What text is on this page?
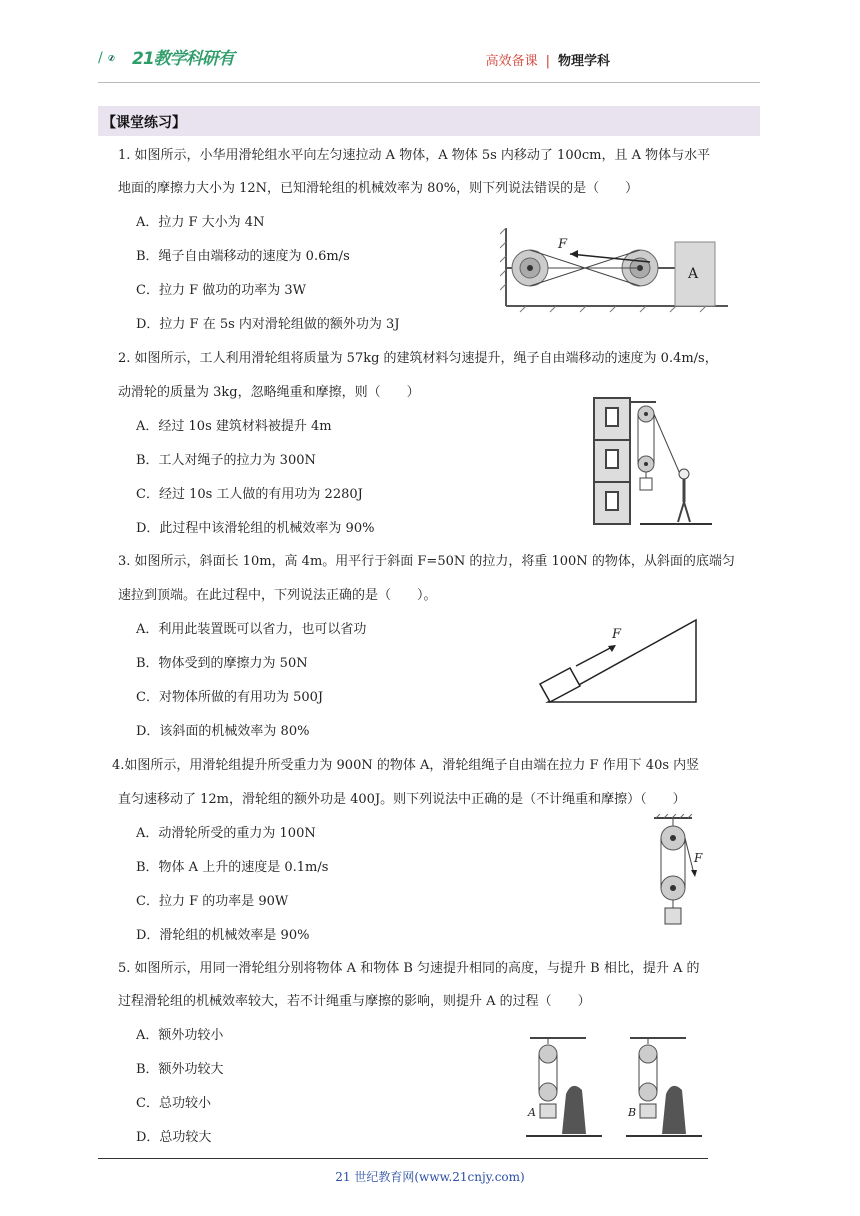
/ 21教学科研有	高效备课 | 物理学科
【课堂练习】
1. 如图所示，小华用滑轮组水平向左匀速拉动 A 物体，A 物体 5s 内移动了 100cm，且 A 物体与水平
地面的摩擦力大小为 12N，已知滑轮组的机械效率为 80%，则下列说法错误的是（　　）
A．拉力 F 大小为 4N
B．绳子自由端移动的速度为 0.6m/s
C．拉力 F 做功的功率为 3W
D．拉力 F 在 5s 内对滑轮组做的额外功为 3J
F
A
2. 如图所示，工人利用滑轮组将质量为 57kg 的建筑材料匀速提升，绳子自由端移动的速度为 0.4m/s，
动滑轮的质量为 3kg，忽略绳重和摩擦，则（　　）
A．经过 10s 建筑材料被提升 4m
B．工人对绳子的拉力为 300N
C．经过 10s 工人做的有用功为 2280J
D．此过程中该滑轮组的机械效率为 90%
3. 如图所示，斜面长 10m，高 4m。用平行于斜面 F=50N 的拉力，将重 100N 的物体，从斜面的底端匀
速拉到顶端。在此过程中，下列说法正确的是（　　）。
A．利用此装置既可以省力，也可以省功
B．物体受到的摩擦力为 50N
C．对物体所做的有用功为 500J
D．该斜面的机械效率为 80%
F
4.如图所示，用滑轮组提升所受重力为 900N 的物体 A，滑轮组绳子自由端在拉力 F 作用下 40s 内竖
直匀速移动了 12m，滑轮组的额外功是 400J。则下列说法中正确的是（不计绳重和摩擦）（　　）
A．动滑轮所受的重力为 100N
B．物体 A 上升的速度是 0.1m/s
C．拉力 F 的功率是 90W
D．滑轮组的机械效率是 90%
F
5. 如图所示，用同一滑轮组分别将物体 A 和物体 B 匀速提升相同的高度，与提升 B 相比，提升 A 的
过程滑轮组的机械效率较大，若不计绳重与摩擦的影响，则提升 A 的过程（　　）
A．额外功较小
B．额外功较大
C．总功较小
D．总功较大
A	B
21 世纪教育网(www.21cnjy.com)
